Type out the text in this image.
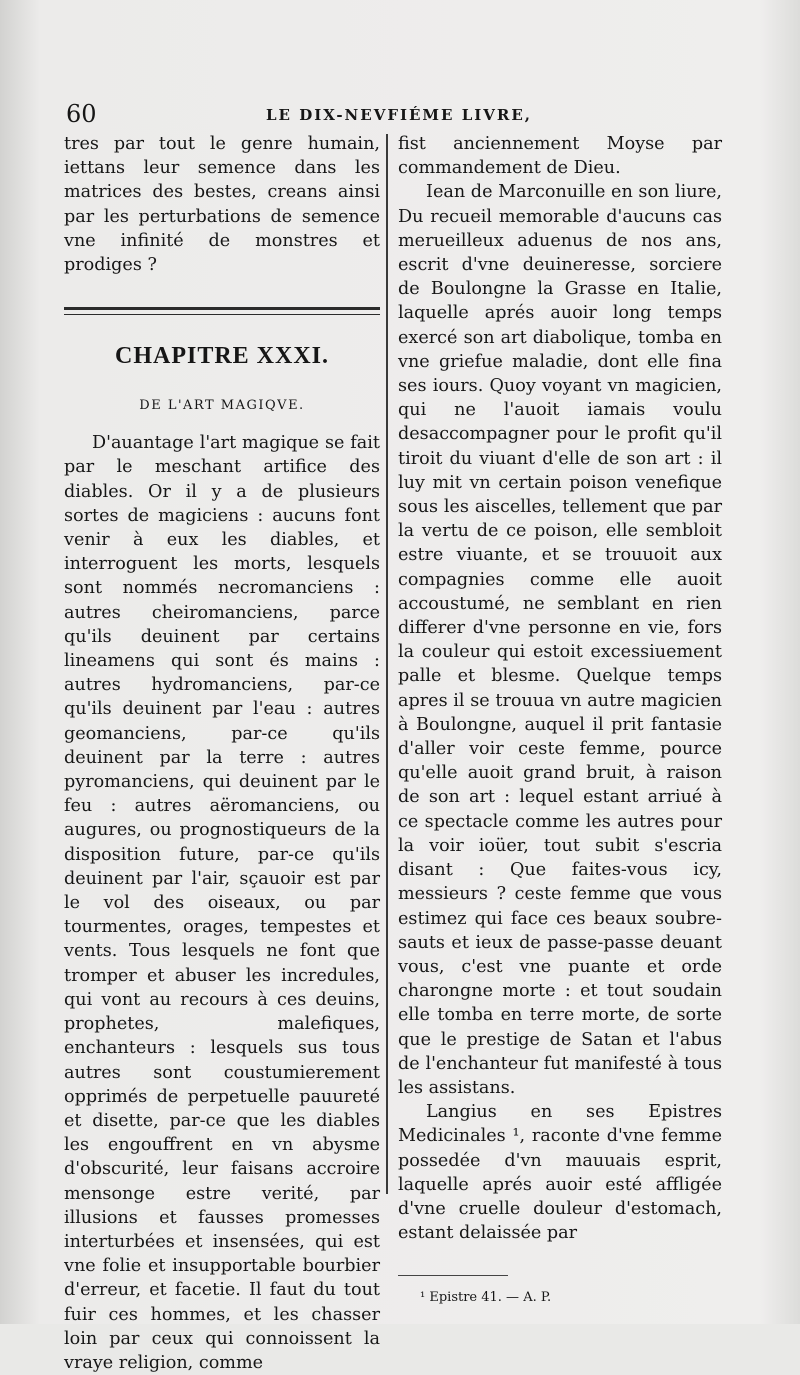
60	LE DIX-NEVFIÉME LIVRE,

tres par tout le genre humain, iettans leur semence dans les matrices des bestes, creans ainsi par les perturbations de semence vne infinité de monstres et prodiges ?

CHAPITRE XXXI.
DE L'ART MAGIQVE.

D'auantage l'art magique se fait par le meschant artifice des diables. Or il y a de plusieurs sortes de magiciens : aucuns font venir à eux les diables, et interroguent les morts, lesquels sont nommés necromanciens : autres cheiromanciens, parce qu'ils deuinent par certains lineamens qui sont és mains : autres hydromanciens, par-ce qu'ils deuinent par l'eau : autres geomanciens, par-ce qu'ils deuinent par la terre : autres pyromanciens, qui deuinent par le feu : autres aëromanciens, ou augures, ou prognostiqueurs de la disposition future, par-ce qu'ils deuinent par l'air, sçauoir est par le vol des oiseaux, ou par tourmentes, orages, tempestes et vents. Tous lesquels ne font que tromper et abuser les incredules, qui vont au recours à ces deuins, prophetes, malefiques, enchanteurs : lesquels sus tous autres sont coustumierement opprimés de perpetuelle pauureté et disette, par-ce que les diables les engouffrent en vn abysme d'obscurité, leur faisans accroire mensonge estre verité, par illusions et fausses promesses interturbées et insensées, qui est vne folie et insupportable bourbier d'erreur, et facetie. Il faut du tout fuir ces hommes, et les chasser loin par ceux qui connoissent la vraye religion, comme

fist anciennement Moyse par commandement de Dieu.

Iean de Marconuille en son liure, Du recueil memorable d'aucuns cas merueilleux aduenus de nos ans, escrit d'vne deuineresse, sorciere de Boulongne la Grasse en Italie, laquelle aprés auoir long temps exercé son art diabolique, tomba en vne griefue maladie, dont elle fina ses iours. Quoy voyant vn magicien, qui ne l'auoit iamais voulu desaccompagner pour le profit qu'il tiroit du viuant d'elle de son art : il luy mit vn certain poison venefique sous les aiscelles, tellement que par la vertu de ce poison, elle sembloit estre viuante, et se trouuoit aux compagnies comme elle auoit accoustumé, ne semblant en rien differer d'vne personne en vie, fors la couleur qui estoit excessiuement palle et blesme. Quelque temps apres il se trouua vn autre magicien à Boulongne, auquel il prit fantasie d'aller voir ceste femme, pource qu'elle auoit grand bruit, à raison de son art : lequel estant arriué à ce spectacle comme les autres pour la voir ioüer, tout subit s'escria disant : Que faites-vous icy, messieurs ? ceste femme que vous estimez qui face ces beaux soubre-sauts et ieux de passe-passe deuant vous, c'est vne puante et orde charongne morte : et tout soudain elle tomba en terre morte, de sorte que le prestige de Satan et l'abus de l'enchanteur fut manifesté à tous les assistans.

Langius en ses Epistres Medicinales ¹, raconte d'vne femme possedée d'vn mauuais esprit, laquelle aprés auoir esté affligée d'vne cruelle douleur d'estomach, estant delaissée par

¹ Epistre 41. — A. P.
